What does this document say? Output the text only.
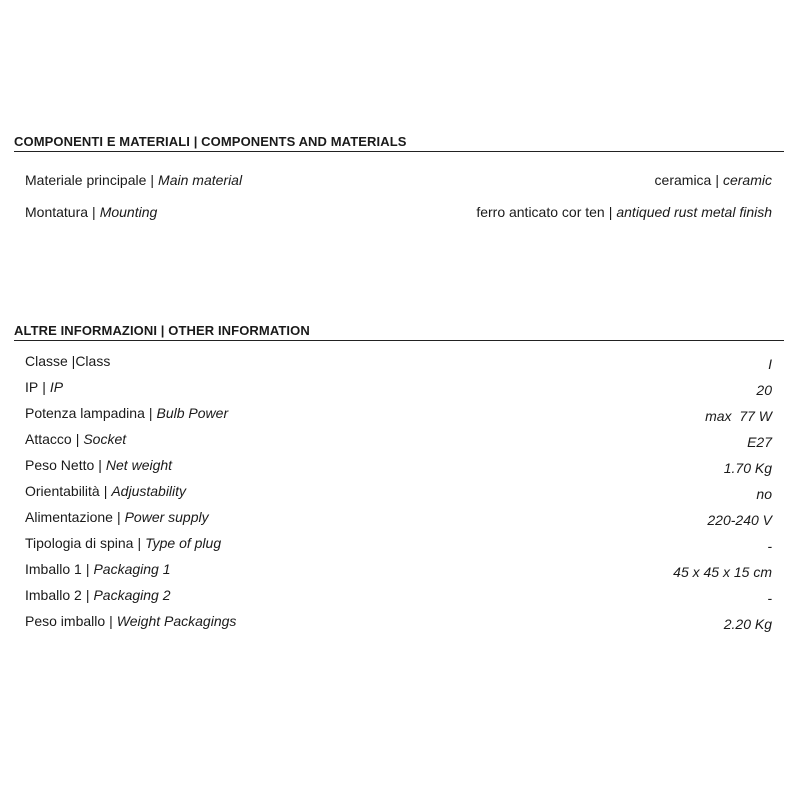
COMPONENTI E MATERIALI | COMPONENTS AND MATERIALS
Materiale principale | Main material	ceramica | ceramic
Montatura | Mounting	ferro anticato cor ten | antiqued rust metal finish
ALTRE INFORMAZIONI | OTHER INFORMATION
Classe |Class	I
IP | IP	20
Potenza lampadina | Bulb Power	max  77 W
Attacco | Socket	E27
Peso Netto | Net weight	1.70 Kg
Orientabilità | Adjustability	no
Alimentazione | Power supply	220-240 V
Tipologia di spina | Type of plug	-
Imballo 1 | Packaging 1	45 x 45 x 15 cm
Imballo 2 | Packaging 2	-
Peso imballo | Weight Packagings	2.20 Kg
